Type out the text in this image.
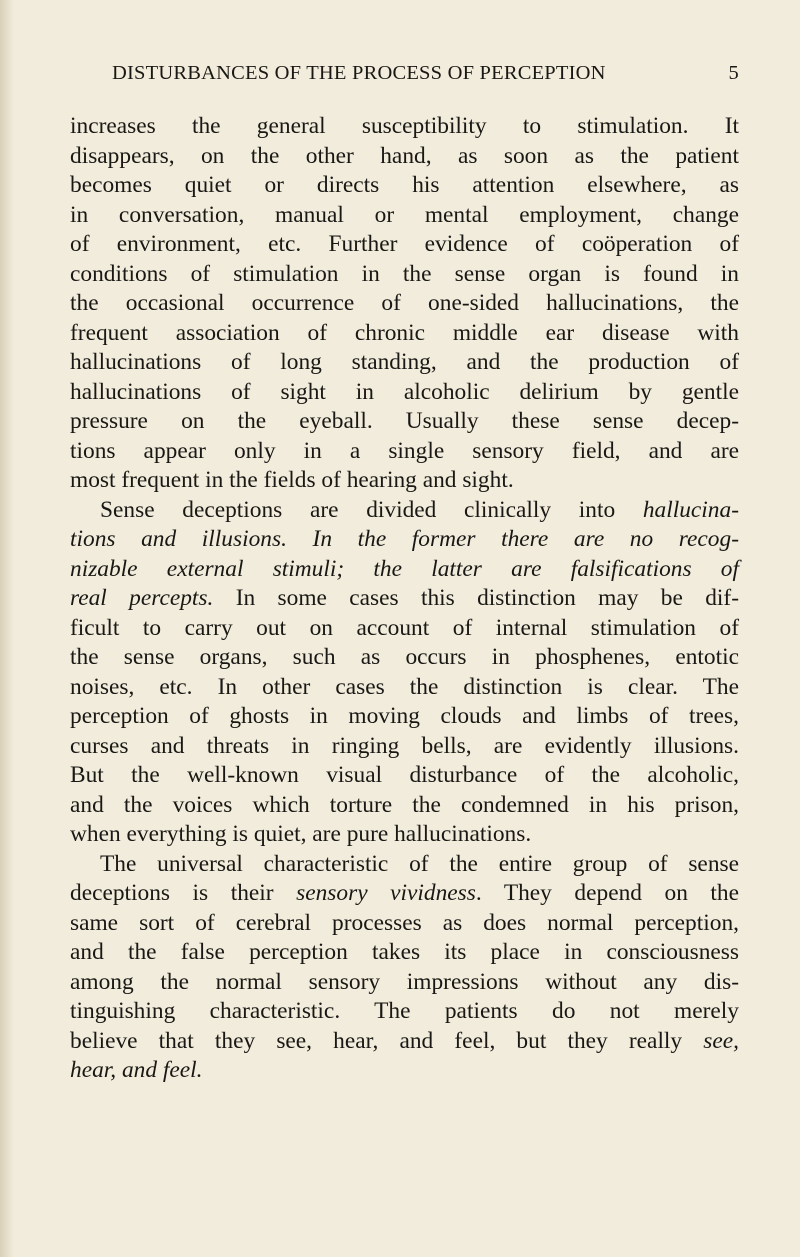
DISTURBANCES OF THE PROCESS OF PERCEPTION	5
increases the general susceptibility to stimulation. It
disappears, on the other hand, as soon as the patient
becomes quiet or directs his attention elsewhere, as
in conversation, manual or mental employment, change
of environment, etc. Further evidence of coöperation of
conditions of stimulation in the sense organ is found in
the occasional occurrence of one-sided hallucinations, the
frequent association of chronic middle ear disease with
hallucinations of long standing, and the production of
hallucinations of sight in alcoholic delirium by gentle
pressure on the eyeball. Usually these sense decep-
tions appear only in a single sensory field, and are
most frequent in the fields of hearing and sight.
Sense deceptions are divided clinically into hallucina-
tions and illusions. In the former there are no recog-
nizable external stimuli; the latter are falsifications of
real percepts. In some cases this distinction may be dif-
ficult to carry out on account of internal stimulation of
the sense organs, such as occurs in phosphenes, entotic
noises, etc. In other cases the distinction is clear. The
perception of ghosts in moving clouds and limbs of trees,
curses and threats in ringing bells, are evidently illusions.
But the well-known visual disturbance of the alcoholic,
and the voices which torture the condemned in his prison,
when everything is quiet, are pure hallucinations.
The universal characteristic of the entire group of sense
deceptions is their sensory vividness. They depend on the
same sort of cerebral processes as does normal perception,
and the false perception takes its place in consciousness
among the normal sensory impressions without any dis-
tinguishing characteristic. The patients do not merely
believe that they see, hear, and feel, but they really see,
hear, and feel.
